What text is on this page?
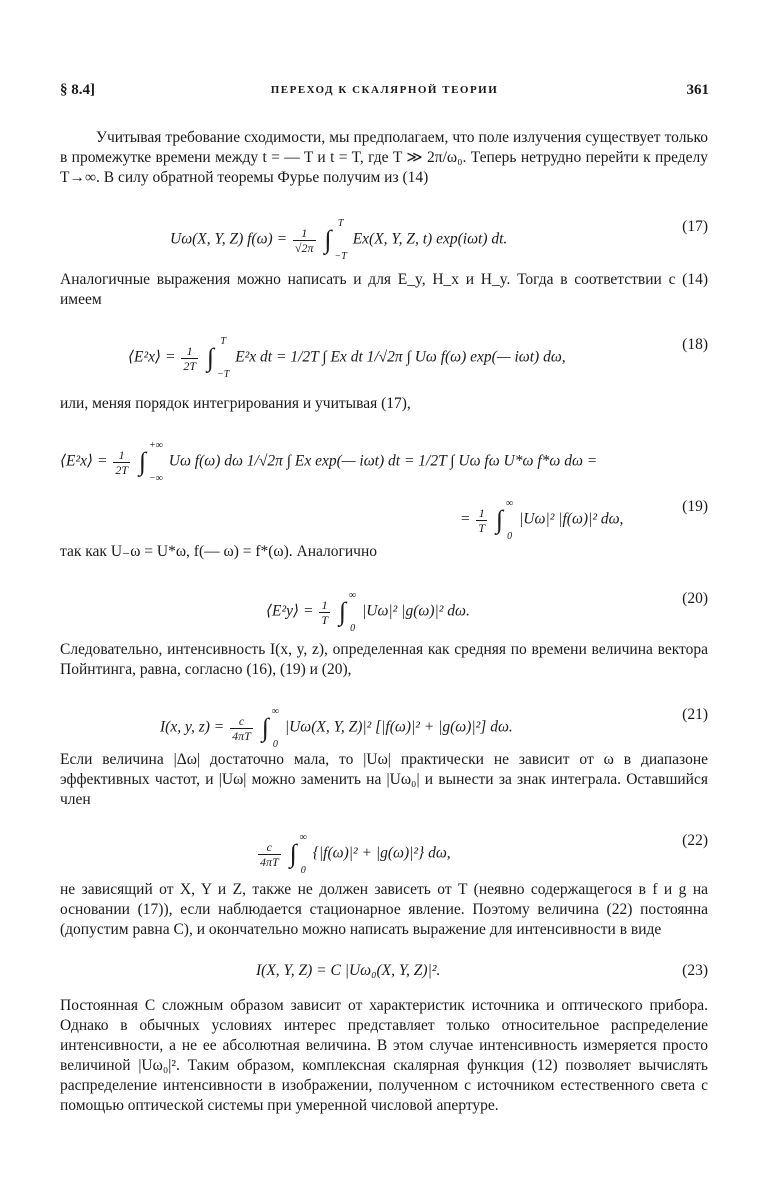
§ 8.4]	ПЕРЕХОД К СКАЛЯРНОЙ ТЕОРИИ	361
Учитывая требование сходимости, мы предполагаем, что поле излучения существует только в промежутке времени между t = — T и t = T, где T ≫ 2π/ω₀. Теперь нетрудно перейти к пределу T→∞. В силу обратной теоремы Фурье получим из (14)
Uω(X, Y, Z) $f(\omega) = \frac{1}{√2\pi}$ ∫
T
−T
Ex(X, Y, Z, t) exp(iωt) dt.
(17)
Аналогичные выражения можно написать и для E_y, H_x и H_y. Тогда в соответствии с (14) имеем
⟨E²x⟩ = $\frac{1}{2T}$ ∫
T
−T
E²x dt = 1/2T ∫ Ex dt 1/√2π ∫ Uω f(ω) exp(— iωt) dω,
(18)
или, меняя порядок интегрирования и учитывая (17),
⟨E²x⟩ = $\frac{1}{2T}$ ∫
+∞
−∞
Uω f(ω) dω 1/√2π ∫ Ex exp(— iωt) dt = 1/2T ∫ Uω fω U*ω f*ω dω =
= $\frac{1}{T}$ ∫
∞
0
|Uω|² |f(ω)|² dω,
(19)
так как U₋ω = U*ω, f(— ω) = f*(ω). Аналогично
⟨E²y⟩ = $\frac{1}{T}$ ∫
∞
0
|Uω|² |g(ω)|² dω.
(20)
Следовательно, интенсивность I(x, y, z), определенная как средняя по времени величина вектора Пойнтинга, равна, согласно (16), (19) и (20),
I(x, y, $z) = \frac{c}{4\pi T}$ ∫
∞
0
|Uω(X, Y, Z)|² [|f(ω)|² + |g(ω)|²] dω.
(21)
Если величина |Δω| достаточно мала, то |Uω| практически не зависит от ω в диапазоне эффективных частот, и |Uω| можно заменить на |Uω₀| и вынести за знак интеграла. Оставшийся член
$\frac{c}{4\pi T}$ ∫
∞
0
{|f(ω)|² + |g(ω)|²} dω,
(22)
не зависящий от X, Y и Z, также не должен зависеть от T (неявно содержащегося в f и g на основании (17)), если наблюдается стационарное явление. Поэтому величина (22) постоянна (допустим равна C), и окончательно можно написать выражение для интенсивности в виде
I(X, Y, Z) = C |Uω₀(X, Y, Z)|².	(23)
Постоянная C сложным образом зависит от характеристик источника и оптического прибора. Однако в обычных условиях интерес представляет только относительное распределение интенсивности, а не ее абсолютная величина. В этом случае интенсивность измеряется просто величиной |Uω₀|². Таким образом, комплексная скалярная функция (12) позволяет вычислять распределение интенсивности в изображении, полученном с источником естественного света с помощью оптической системы при умеренной числовой апертуре.
